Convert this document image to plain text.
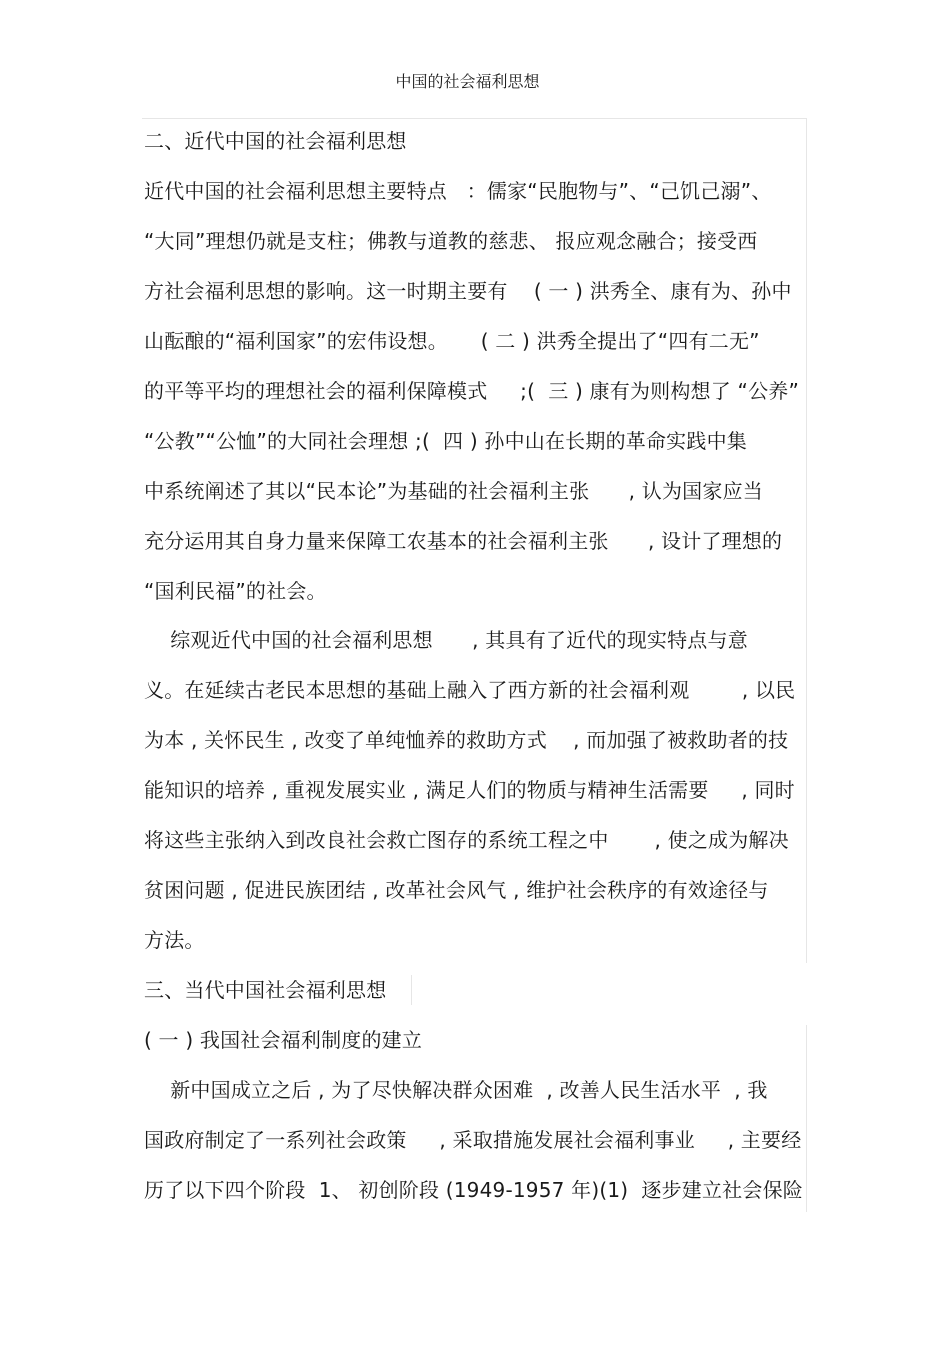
中国的社会福利思想
二、近代中国的社会福利思想
近代中国的社会福利思想主要特点   ：儒家“民胞物与”、“己饥己溺”、
“大同”理想仍就是支柱；佛教与道教的慈悲、 报应观念融合；接受西
方社会福利思想的影响。这一时期主要有    ( 一 ) 洪秀全、康有为、孙中
山酝酿的“福利国家”的宏伟设想。     ( 二 ) 洪秀全提出了“四有二无”
的平等平均的理想社会的福利保障模式     ;(  三 ) 康有为则构想了 “公养”
“公教”“公恤”的大同社会理想 ;(  四 ) 孙中山在长期的革命实践中集
中系统阐述了其以“民本论”为基础的社会福利主张      , 认为国家应当
充分运用其自身力量来保障工农基本的社会福利主张      , 设计了理想的
“国利民福”的社会。
综观近代中国的社会福利思想      , 其具有了近代的现实特点与意
义。在延续古老民本思想的基础上融入了西方新的社会福利观        , 以民
为本 , 关怀民生 , 改变了单纯恤养的救助方式    , 而加强了被救助者的技
能知识的培养 , 重视发展实业 , 满足人们的物质与精神生活需要     , 同时
将这些主张纳入到改良社会救亡图存的系统工程之中       , 使之成为解决
贫困问题 , 促进民族团结 , 改革社会风气 , 维护社会秩序的有效途径与
方法。
三、当代中国社会福利思想
( 一 ) 我国社会福利制度的建立
新中国成立之后 , 为了尽快解决群众困难  , 改善人民生活水平  , 我
国政府制定了一系列社会政策     , 采取措施发展社会福利事业     , 主要经
历了以下四个阶段  1、 初创阶段 (1949-1957 年)(1)  逐步建立社会保险
